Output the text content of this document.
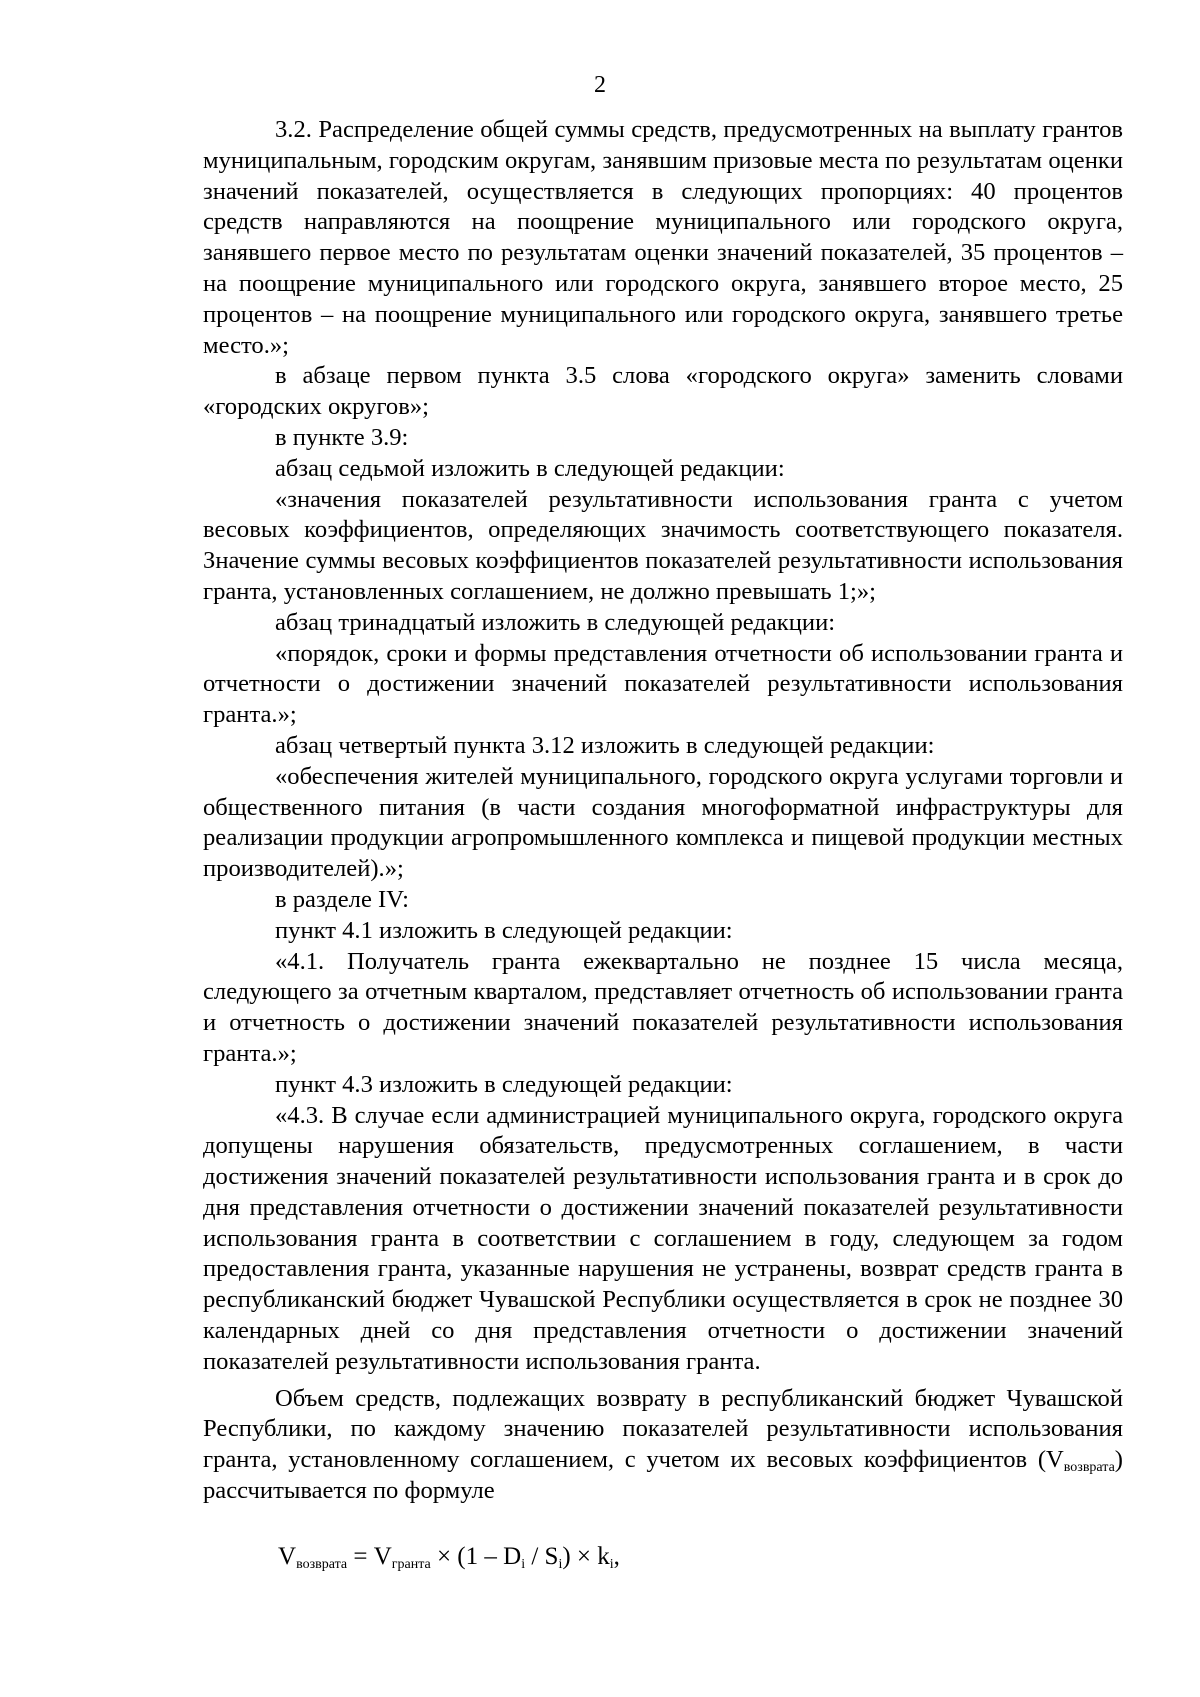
2

3.2. Распределение общей суммы средств, предусмотренных на выплату грантов муниципальным, городским округам, занявшим призовые места по результатам оценки значений показателей, осуществляется в следующих пропорциях: 40 процентов средств направляются на поощрение муниципального или городского округа, занявшего первое место по результатам оценки значений показателей, 35 процентов – на поощрение муниципального или городского округа, занявшего второе место, 25 процентов – на поощрение муниципального или городского округа, занявшего третье место.»;

в абзаце первом пункта 3.5 слова «городского округа» заменить словами «городских округов»;

в пункте 3.9:

абзац седьмой изложить в следующей редакции:

«значения показателей результативности использования гранта с учетом весовых коэффициентов, определяющих значимость соответствующего показателя. Значение суммы весовых коэффициентов показателей результативности использования гранта, установленных соглашением, не должно превышать 1;»;

абзац тринадцатый изложить в следующей редакции:

«порядок, сроки и формы представления отчетности об использовании гранта и отчетности о достижении значений показателей результативности использования гранта.»;

абзац четвертый пункта 3.12 изложить в следующей редакции:

«обеспечения жителей муниципального, городского округа услугами торговли и общественного питания (в части создания многоформатной инфраструктуры для реализации продукции агропромышленного комплекса и пищевой продукции местных производителей).»;

в разделе IV:

пункт 4.1 изложить в следующей редакции:

«4.1. Получатель гранта ежеквартально не позднее 15 числа месяца, следующего за отчетным кварталом, представляет отчетность об использовании гранта и отчетность о достижении значений показателей результативности использования гранта.»;

пункт 4.3 изложить в следующей редакции:

«4.3. В случае если администрацией муниципального округа, городского округа допущены нарушения обязательств, предусмотренных соглашением, в части достижения значений показателей результативности использования гранта и в срок до дня представления отчетности о достижении значений показателей результативности использования гранта в соответствии с соглашением в году, следующем за годом предоставления гранта, указанные нарушения не устранены, возврат средств гранта в республиканский бюджет Чувашской Республики осуществляется в срок не позднее 30 календарных дней со дня представления отчетности о достижении значений показателей результативности использования гранта.

Объем средств, подлежащих возврату в республиканский бюджет Чувашской Республики, по каждому значению показателей результативности использования гранта, установленному соглашением, с учетом их весовых коэффициентов $(V_{возврата})$ рассчитывается по формуле

$V_{возврата} = V_{гранта} \times (1 - D_i / S_i) \times k_i$,
